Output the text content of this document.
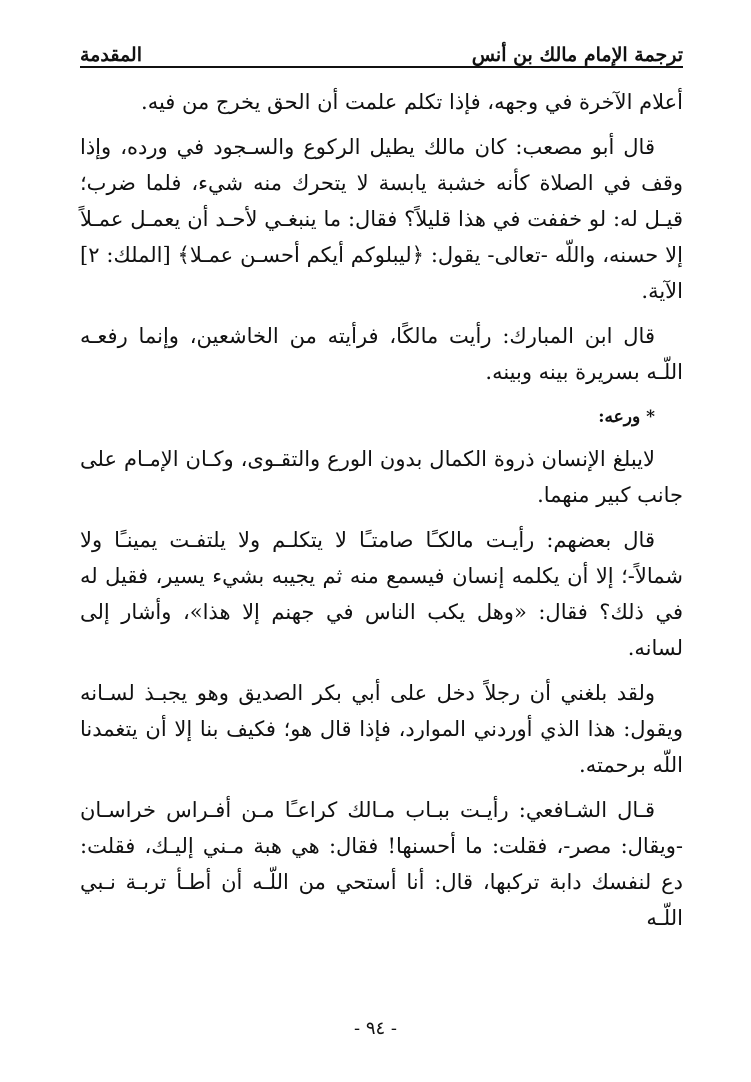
المقدمة	ترجمة الإمام مالك بن أنس

أعلام الآخرة في وجهه، فإذا تكلم علمت أن الحق يخرج من فيه.

قال أبو مصعب: كان مالك يطيل الركوع والسـجود في ورده، وإذا وقف في الصلاة كأنه خشبة يابسة لا يتحرك منه شيء، فلما ضرب؛ قيـل له: لو خففت في هذا قليلاً؟ فقال: ما ينبغـي لأحـد أن يعمـل عمـلاً إلا حسنه، واللّه -تعالى- يقول: ﴿ليبلوكم أيكم أحسـن عمـلا﴾ [الملك: ٢] الآية.

قال ابن المبارك: رأيت مالكًا، فرأيته من الخاشعين، وإنما رفعـه اللّـه بسريرة بينه وبينه.

* ورعه:

لايبلغ الإنسان ذروة الكمال بدون الورع والتقـوى، وكـان الإمـام على جانب كبير منهما.

قال بعضهم: رأيـت مالكـًا صامتـًا لا يتكلـم ولا يلتفـت يمينـًا ولا شمالاً-؛ إلا أن يكلمه إنسان فيسمع منه ثم يجيبه بشيء يسير، فقيل له في ذلك؟ فقال: «وهل يكب الناس في جهنم إلا هذا»، وأشار إلى لسانه.

ولقد بلغني أن رجلاً دخل على أبي بكر الصديق وهو يجبـذ لسـانه ويقول: هذا الذي أوردني الموارد، فإذا قال هو؛ فكيف بنا إلا أن يتغمدنا اللّه برحمته.

قـال الشـافعي: رأيـت ببـاب مـالك كراعـًا مـن أفـراس خراسـان -ويقال: مصر-، فقلت: ما أحسنها! فقال: هي هبة مـني إليـك، فقلت: دع لنفسك دابة تركبها، قال: أنا أستحي من اللّـه أن أطـأ تربـة نـبي اللّـه

- ٩٤ -
